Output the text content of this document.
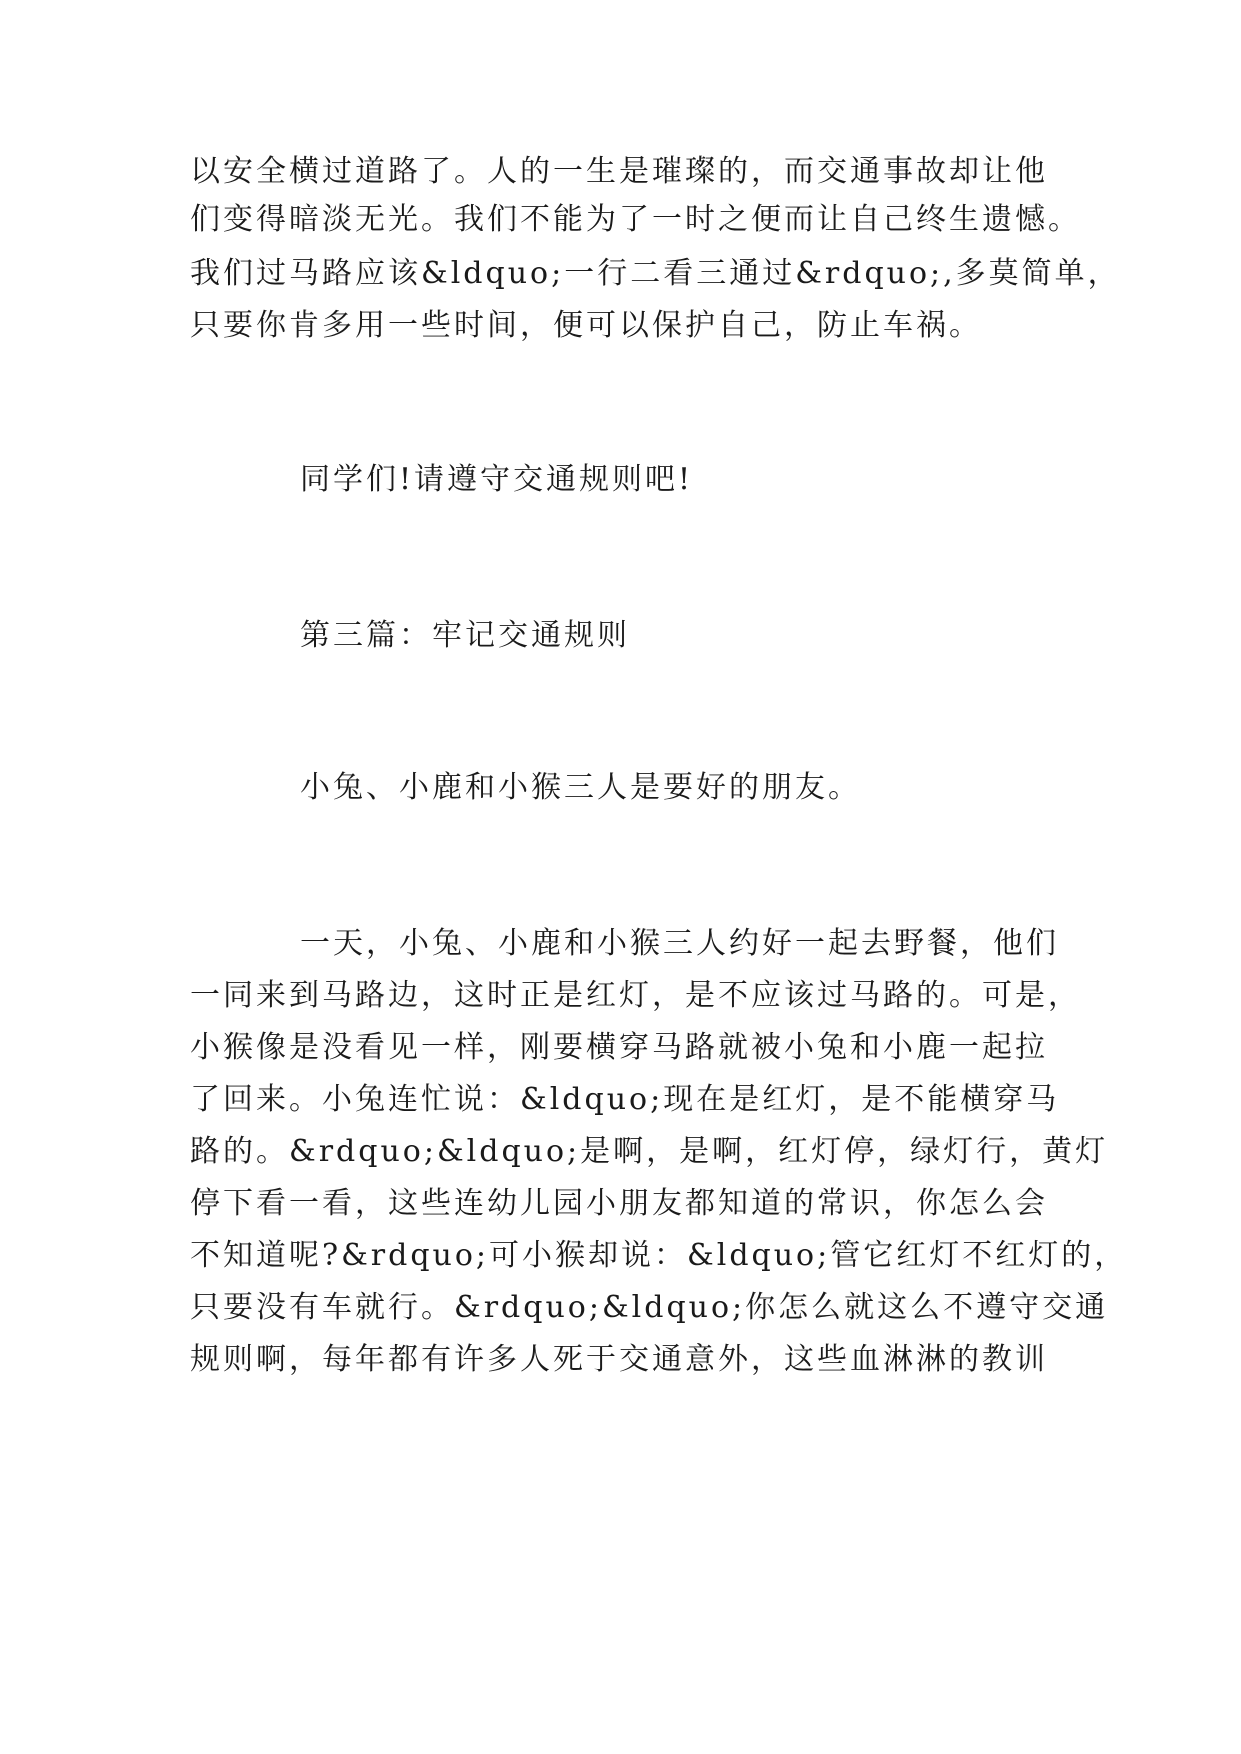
以安全横过道路了。人的一生是璀璨的，而交通事故却让他
们变得暗淡无光。我们不能为了一时之便而让自己终生遗憾。
我们过马路应该&ldquo;一行二看三通过&rdquo;,多莫简单，
只要你肯多用一些时间，便可以保护自己，防止车祸。
同学们!请遵守交通规则吧!
第三篇：牢记交通规则
小兔、小鹿和小猴三人是要好的朋友。
一天，小兔、小鹿和小猴三人约好一起去野餐，他们
一同来到马路边，这时正是红灯，是不应该过马路的。可是，
小猴像是没看见一样，刚要横穿马路就被小兔和小鹿一起拉
了回来。小兔连忙说：&ldquo;现在是红灯，是不能横穿马
路的。&rdquo;&ldquo;是啊，是啊，红灯停，绿灯行，黄灯
停下看一看，这些连幼儿园小朋友都知道的常识，你怎么会
不知道呢?&rdquo;可小猴却说：&ldquo;管它红灯不红灯的，
只要没有车就行。&rdquo;&ldquo;你怎么就这么不遵守交通
规则啊，每年都有许多人死于交通意外，这些血淋淋的教训
